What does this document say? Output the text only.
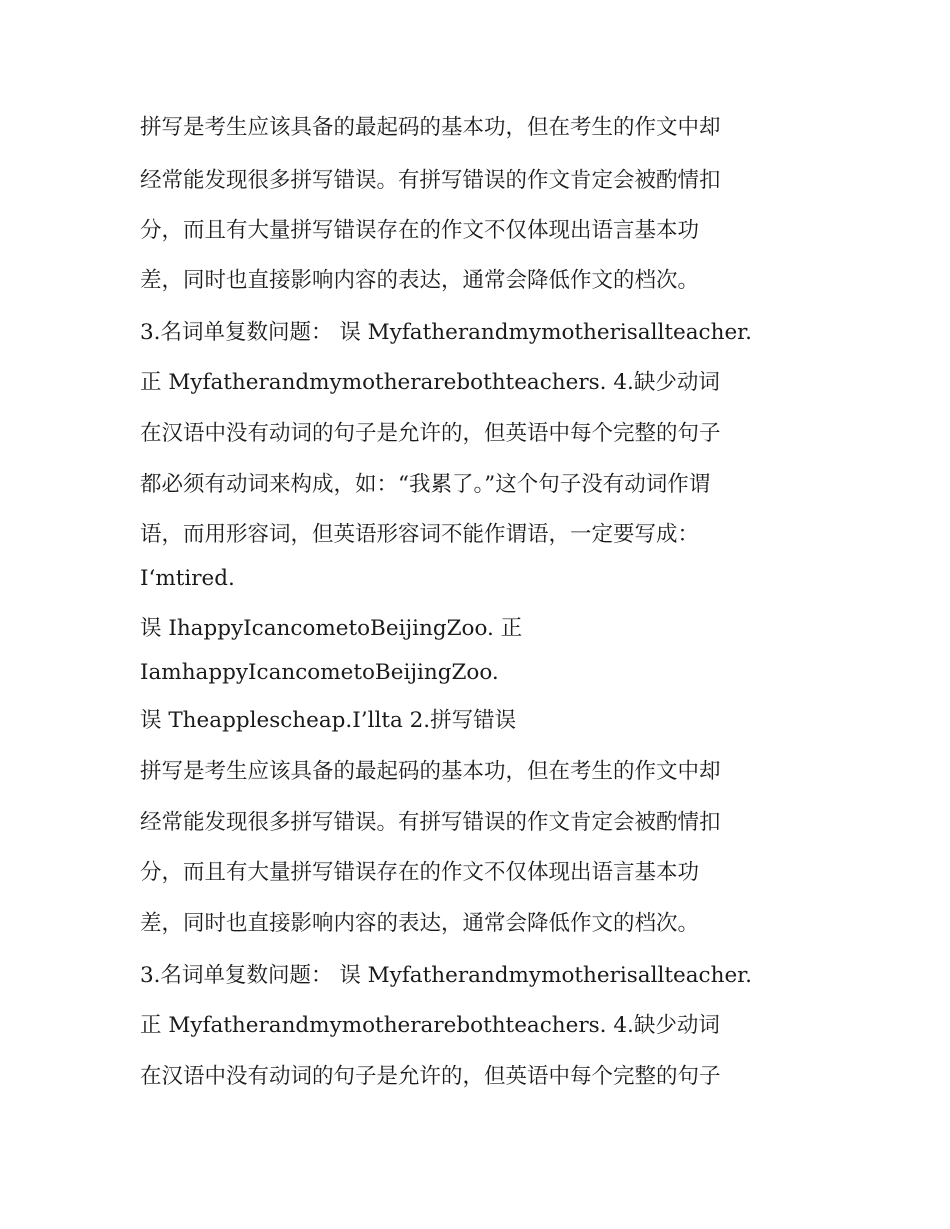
拼写是考生应该具备的最起码的基本功，但在考生的作文中却
经常能发现很多拼写错误。有拼写错误的作文肯定会被酌情扣
分，而且有大量拼写错误存在的作文不仅体现出语言基本功
差，同时也直接影响内容的表达，通常会降低作文的档次。
3.名词单复数问题： 误 Myfatherandmymotherisallteacher.
正 Myfatherandmymotherarebothteachers. 4.缺少动词
在汉语中没有动词的句子是允许的，但英语中每个完整的句子
都必须有动词来构成，如：“我累了。”这个句子没有动词作谓
语，而用形容词，但英语形容词不能作谓语，一定要写成：
I‘mtired.
误 IhappyIcancometoBeijingZoo. 正
IamhappyIcancometoBeijingZoo.
误 Theapplescheap.I’llta 2.拼写错误
拼写是考生应该具备的最起码的基本功，但在考生的作文中却
经常能发现很多拼写错误。有拼写错误的作文肯定会被酌情扣
分，而且有大量拼写错误存在的作文不仅体现出语言基本功
差，同时也直接影响内容的表达，通常会降低作文的档次。
3.名词单复数问题： 误 Myfatherandmymotherisallteacher.
正 Myfatherandmymotherarebothteachers. 4.缺少动词
在汉语中没有动词的句子是允许的，但英语中每个完整的句子
